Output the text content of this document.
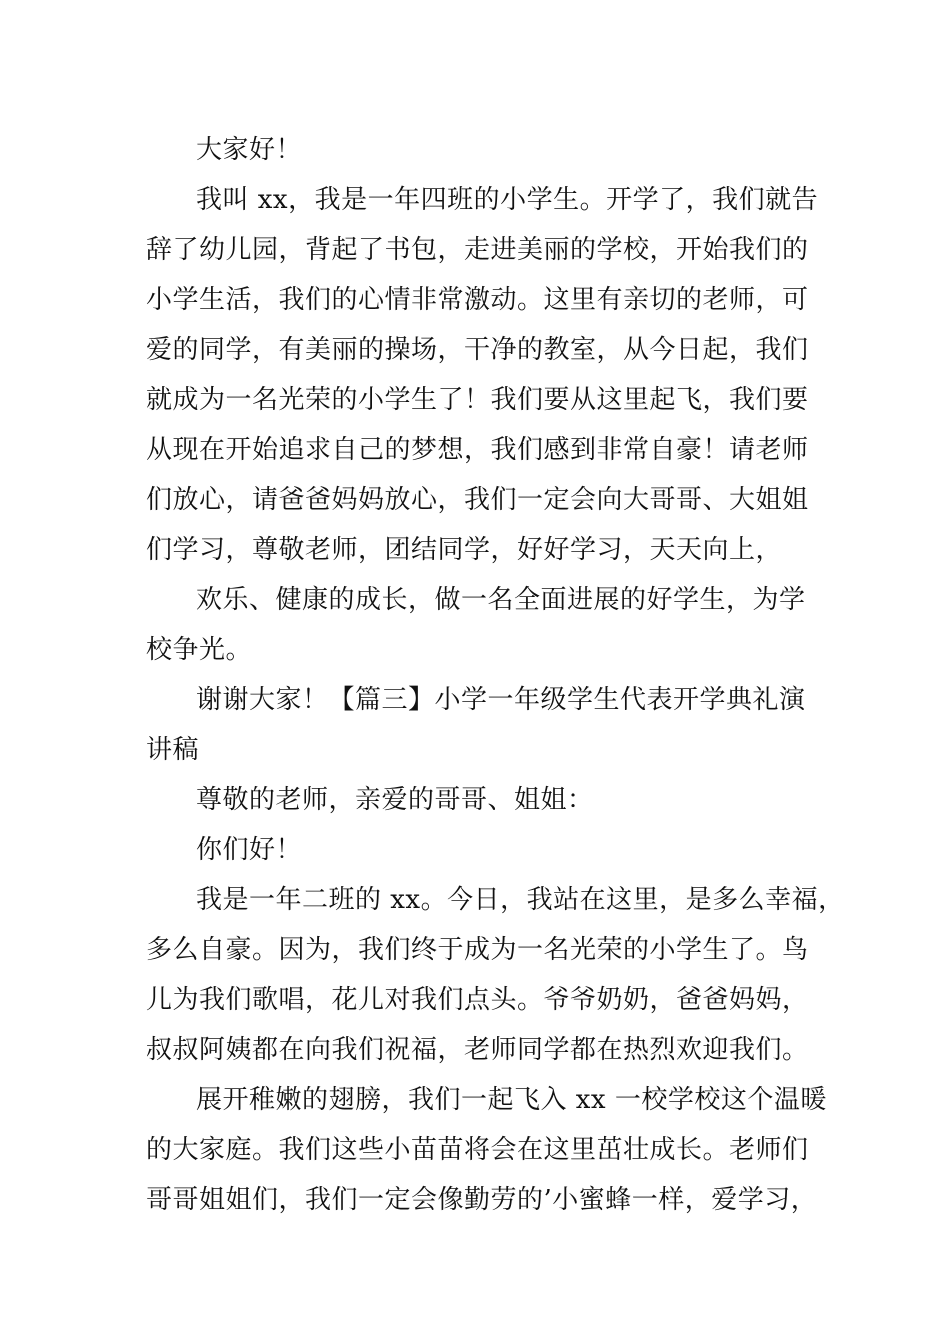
大家好！
我叫 xx，我是一年四班的小学生。开学了，我们就告
辞了幼儿园，背起了书包，走进美丽的学校，开始我们的
小学生活，我们的心情非常激动。这里有亲切的老师，可
爱的同学，有美丽的操场，干净的教室，从今日起，我们
就成为一名光荣的小学生了！我们要从这里起飞，我们要
从现在开始追求自己的梦想，我们感到非常自豪！请老师
们放心，请爸爸妈妈放心，我们一定会向大哥哥、大姐姐
们学习，尊敬老师，团结同学，好好学习，天天向上，
欢乐、健康的成长，做一名全面进展的好学生，为学
校争光。
谢谢大家！【篇三】小学一年级学生代表开学典礼演
讲稿
尊敬的老师，亲爱的哥哥、姐姐：
你们好！
我是一年二班的 xx。今日，我站在这里，是多么幸福，
多么自豪。因为，我们终于成为一名光荣的小学生了。鸟
儿为我们歌唱，花儿对我们点头。爷爷奶奶，爸爸妈妈，
叔叔阿姨都在向我们祝福，老师同学都在热烈欢迎我们。
展开稚嫩的翅膀，我们一起飞入 xx 一校学校这个温暖
的大家庭。我们这些小苗苗将会在这里茁壮成长。老师们
哥哥姐姐们，我们一定会像勤劳的’小蜜蜂一样，爱学习，
